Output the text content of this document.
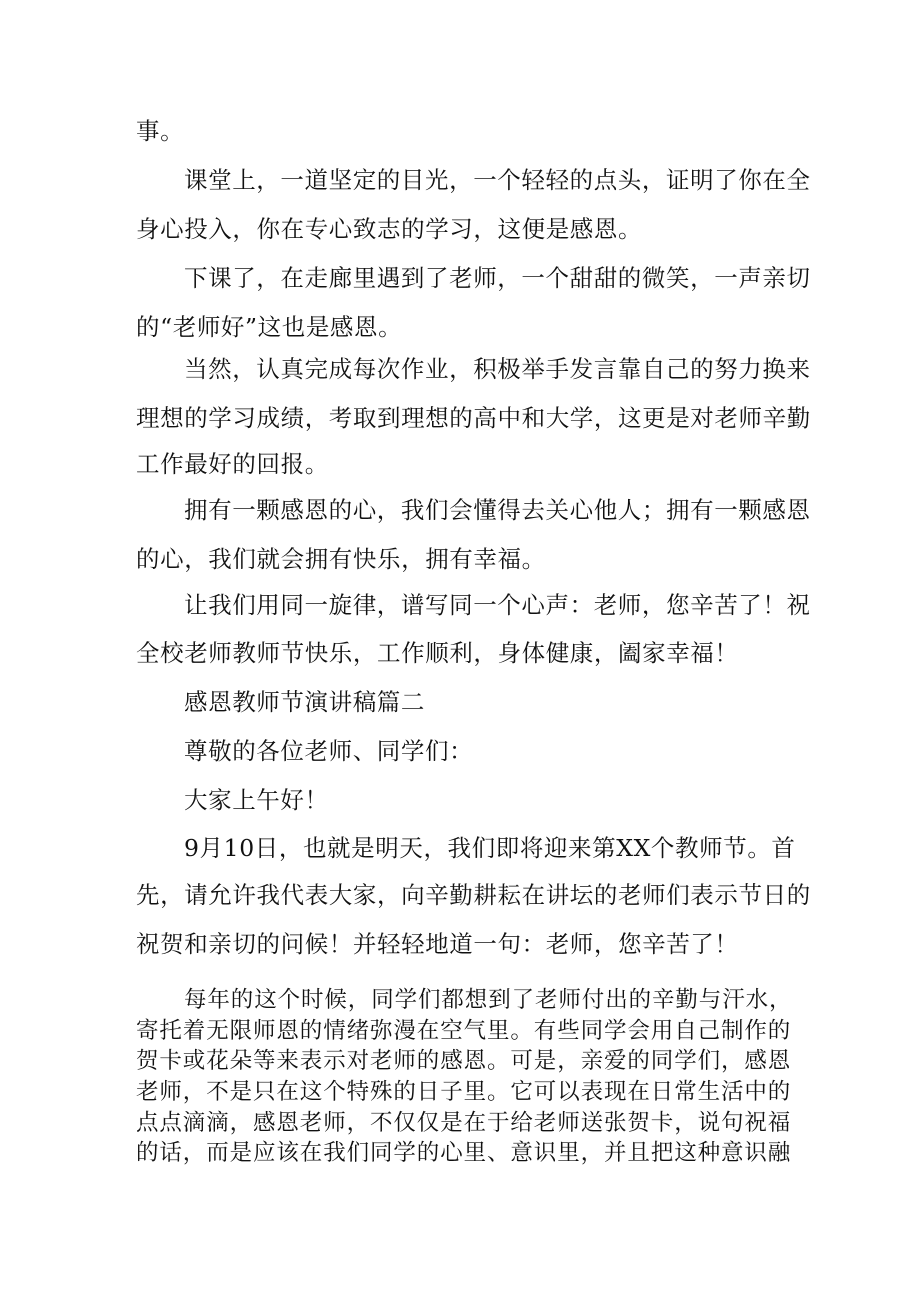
事。
课堂上，一道坚定的目光，一个轻轻的点头，证明了你在全
身心投入，你在专心致志的学习，这便是感恩。
下课了，在走廊里遇到了老师，一个甜甜的微笑，一声亲切
的“老师好”这也是感恩。
当然，认真完成每次作业，积极举手发言靠自己的努力换来
理想的学习成绩，考取到理想的高中和大学，这更是对老师辛勤
工作最好的回报。
拥有一颗感恩的心，我们会懂得去关心他人；拥有一颗感恩
的心，我们就会拥有快乐，拥有幸福。
让我们用同一旋律，谱写同一个心声：老师，您辛苦了！祝
全校老师教师节快乐，工作顺利，身体健康，阖家幸福！
感恩教师节演讲稿篇二
尊敬的各位老师、同学们：
大家上午好！
9月10日，也就是明天，我们即将迎来第XX个教师节。首
先，请允许我代表大家，向辛勤耕耘在讲坛的老师们表示节日的
祝贺和亲切的问候！并轻轻地道一句：老师，您辛苦了！
每年的这个时候，同学们都想到了老师付出的辛勤与汗水，
寄托着无限师恩的情绪弥漫在空气里。有些同学会用自己制作的
贺卡或花朵等来表示对老师的感恩。可是，亲爱的同学们，感恩
老师，不是只在这个特殊的日子里。它可以表现在日常生活中的
点点滴滴，感恩老师，不仅仅是在于给老师送张贺卡，说句祝福
的话，而是应该在我们同学的心里、意识里，并且把这种意识融
